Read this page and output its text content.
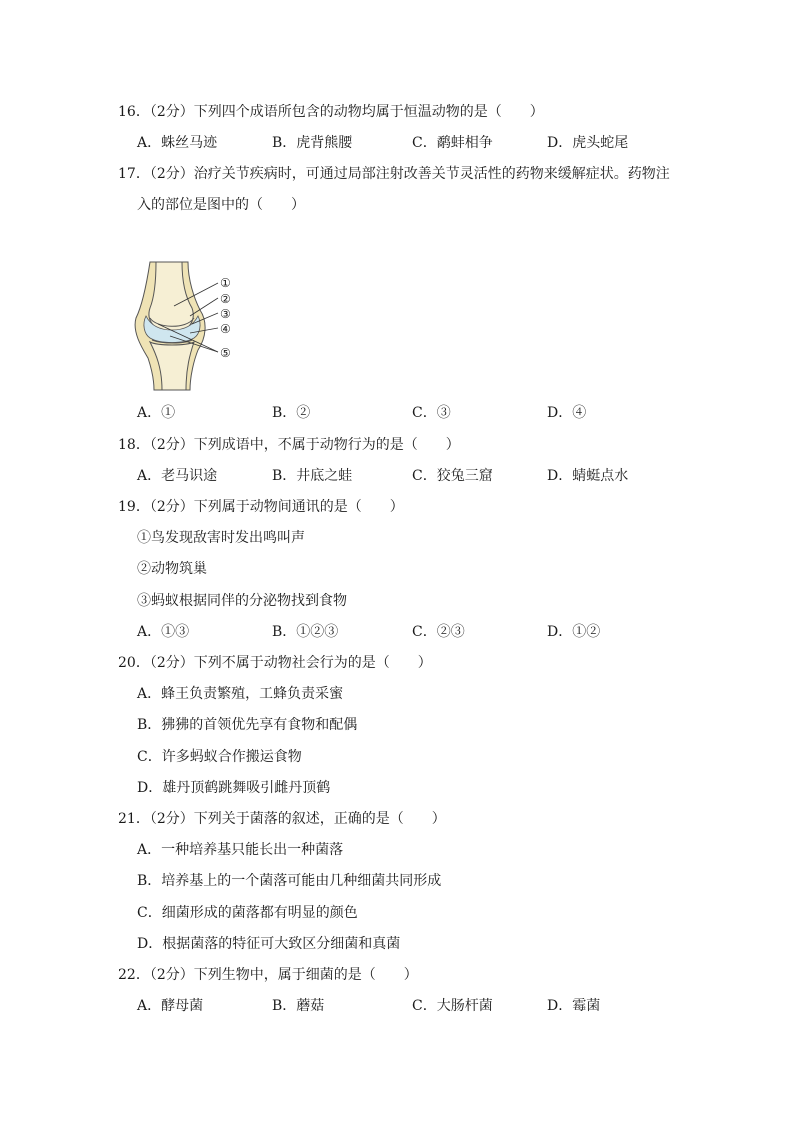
16．（2分）下列四个成语所包含的动物均属于恒温动物的是（　　）
A．蛛丝马迹	B．虎背熊腰	C．鹬蚌相争	D．虎头蛇尾
17．（2分）治疗关节疾病时，可通过局部注射改善关节灵活性的药物来缓解症状。药物注
入的部位是图中的（　　）
①
②
③
④
⑤
A．①	B．②	C．③	D．④
18．（2分）下列成语中，不属于动物行为的是（　　）
A．老马识途	B．井底之蛙	C．狡兔三窟	D．蜻蜓点水
19．（2分）下列属于动物间通讯的是（　　）
①鸟发现敌害时发出鸣叫声
②动物筑巢
③蚂蚁根据同伴的分泌物找到食物
A．①③	B．①②③	C．②③	D．①②
20．（2分）下列不属于动物社会行为的是（　　）
A．蜂王负责繁殖，工蜂负责采蜜
B．狒狒的首领优先享有食物和配偶
C．许多蚂蚁合作搬运食物
D．雄丹顶鹤跳舞吸引雌丹顶鹤
21．（2分）下列关于菌落的叙述，正确的是（　　）
A．一种培养基只能长出一种菌落
B．培养基上的一个菌落可能由几种细菌共同形成
C．细菌形成的菌落都有明显的颜色
D．根据菌落的特征可大致区分细菌和真菌
22．（2分）下列生物中，属于细菌的是（　　）
A．酵母菌	B．蘑菇	C．大肠杆菌	D．霉菌
